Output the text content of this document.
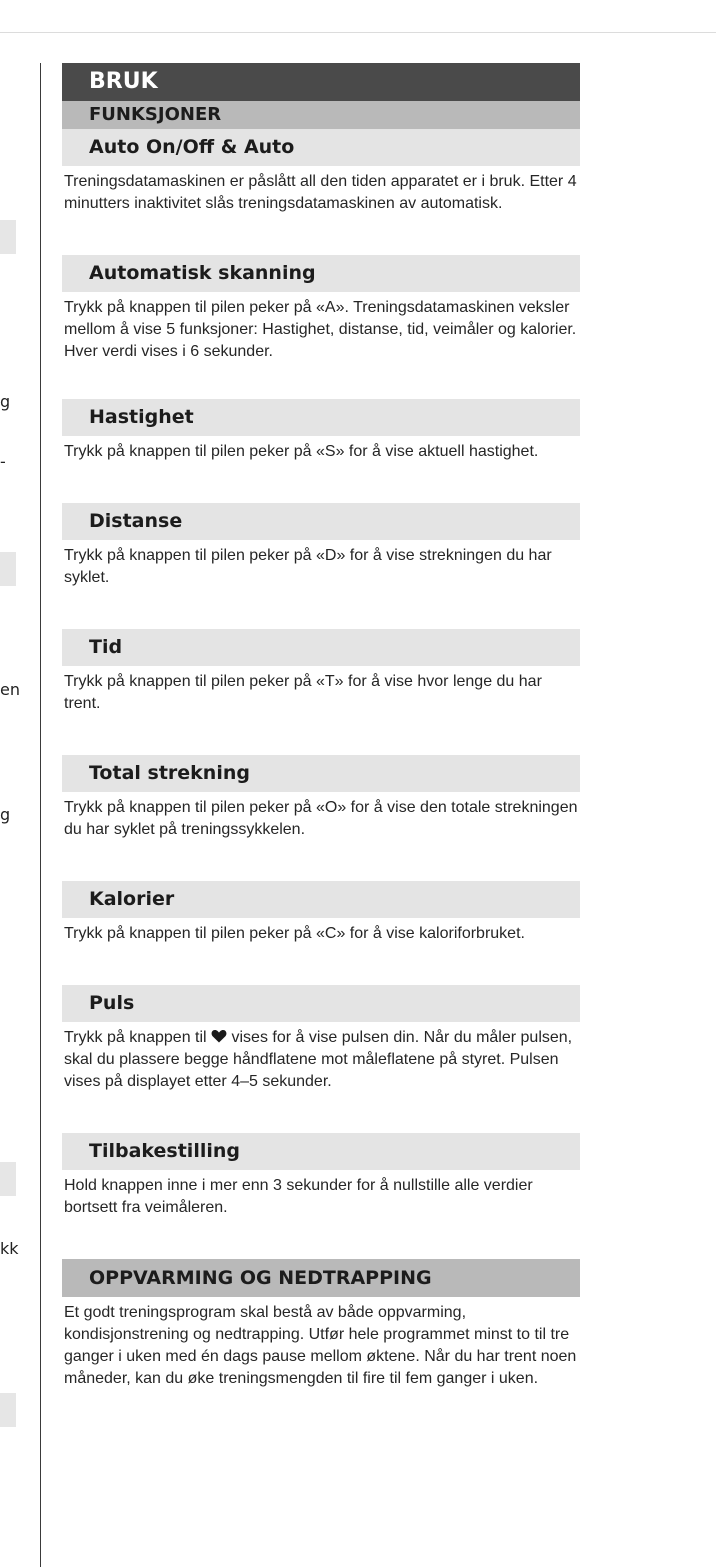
g
-
en
g
kk
BRUK
FUNKSJONER
Auto On/Off & Auto

Treningsdatamaskinen er påslått all den tiden apparatet er i bruk. Etter 4 minutters inaktivitet slås treningsdatamaskinen av automatisk.

Automatisk skanning

Trykk på knappen til pilen peker på «A». Treningsdatamaskinen veksler mellom å vise 5 funksjoner: Hastighet, distanse, tid, veimåler og kalorier. Hver verdi vises i 6 sekunder.

Hastighet

Trykk på knappen til pilen peker på «S» for å vise aktuell hastighet.

Distanse

Trykk på knappen til pilen peker på «D» for å vise strekningen du har syklet.

Tid

Trykk på knappen til pilen peker på «T» for å vise hvor lenge du har trent.

Total strekning

Trykk på knappen til pilen peker på «O» for å vise den totale strekningen du har syklet på treningssykkelen.

Kalorier

Trykk på knappen til pilen peker på «C» for å vise kaloriforbruket.

Puls

Trykk på knappen til vises for å vise pulsen din. Når du måler pulsen, skal du plassere begge håndflatene mot måleflatene på styret. Pulsen vises på displayet etter 4–5 sekunder.

Tilbakestilling

Hold knappen inne i mer enn 3 sekunder for å nullstille alle verdier bortsett fra veimåleren.

OPPVARMING OG NEDTRAPPING

Et godt treningsprogram skal bestå av både oppvarming, kondisjonstrening og nedtrapping. Utfør hele programmet minst to til tre ganger i uken med én dags pause mellom øktene. Når du har trent noen måneder, kan du øke treningsmengden til fire til fem ganger i uken.
